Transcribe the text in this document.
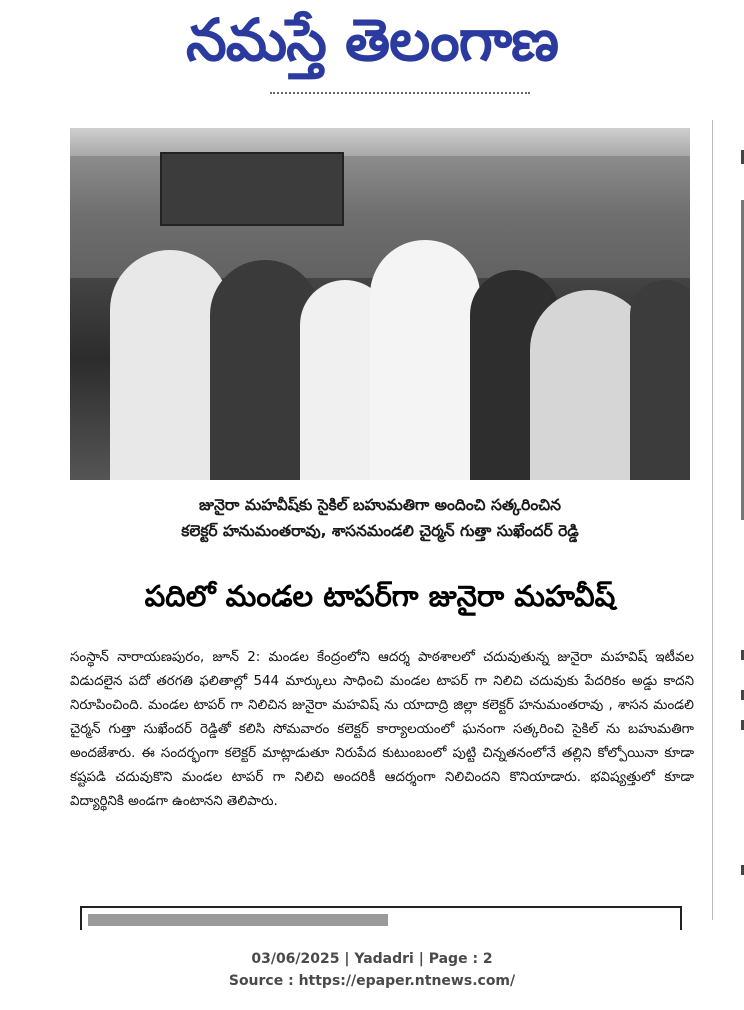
నమస్తే తెలంగాణ
జునైరా మహవీష్‌కు సైకిల్ బహుమతిగా అందించి సత్కరించిన
కలెక్టర్ హనుమంతరావు, శాసనమండలి చైర్మన్ గుత్తా సుఖేందర్ రెడ్డి
పదిలో మండల టాపర్‌గా జునైరా మహవీష్
సంస్థాన్ నారాయణపురం, జూన్ 2: మండల కేంద్రంలోని ఆదర్శ పాఠశాలలో చదువుతున్న జునైరా మహవిష్ ఇటీవల విడుదలైన పదో తరగతి ఫలితాల్లో 544 మార్కులు సాధించి మండల టాపర్ గా నిలిచి చదువుకు పేదరికం అడ్డు కాదని నిరూపించింది. మండల టాపర్ గా నిలిచిన జునైరా మహవిష్ ను యాదాద్రి జిల్లా కలెక్టర్ హనుమంతరావు , శాసన మండలి చైర్మన్ గుత్తా సుఖేందర్ రెడ్డితో కలిసి సోమవారం కలెక్టర్ కార్యాలయంలో ఘనంగా సత్కరించి సైకిల్ ను బహుమతిగా అందజేశారు. ఈ సందర్భంగా కలెక్టర్ మాట్లాడుతూ నిరుపేద కుటుంబంలో పుట్టి చిన్నతనంలోనే తల్లిని కోల్పోయినా కూడా కష్టపడి చదువుకొని మండల టాపర్ గా నిలిచి అందరికీ ఆదర్శంగా నిలిచిందని కొనియాడారు. భవిష్యత్తులో కూడా విద్యార్థినికి అండగా ఉంటానని తెలిపారు.
03/06/2025 | Yadadri | Page : 2
Source : https://epaper.ntnews.com/
